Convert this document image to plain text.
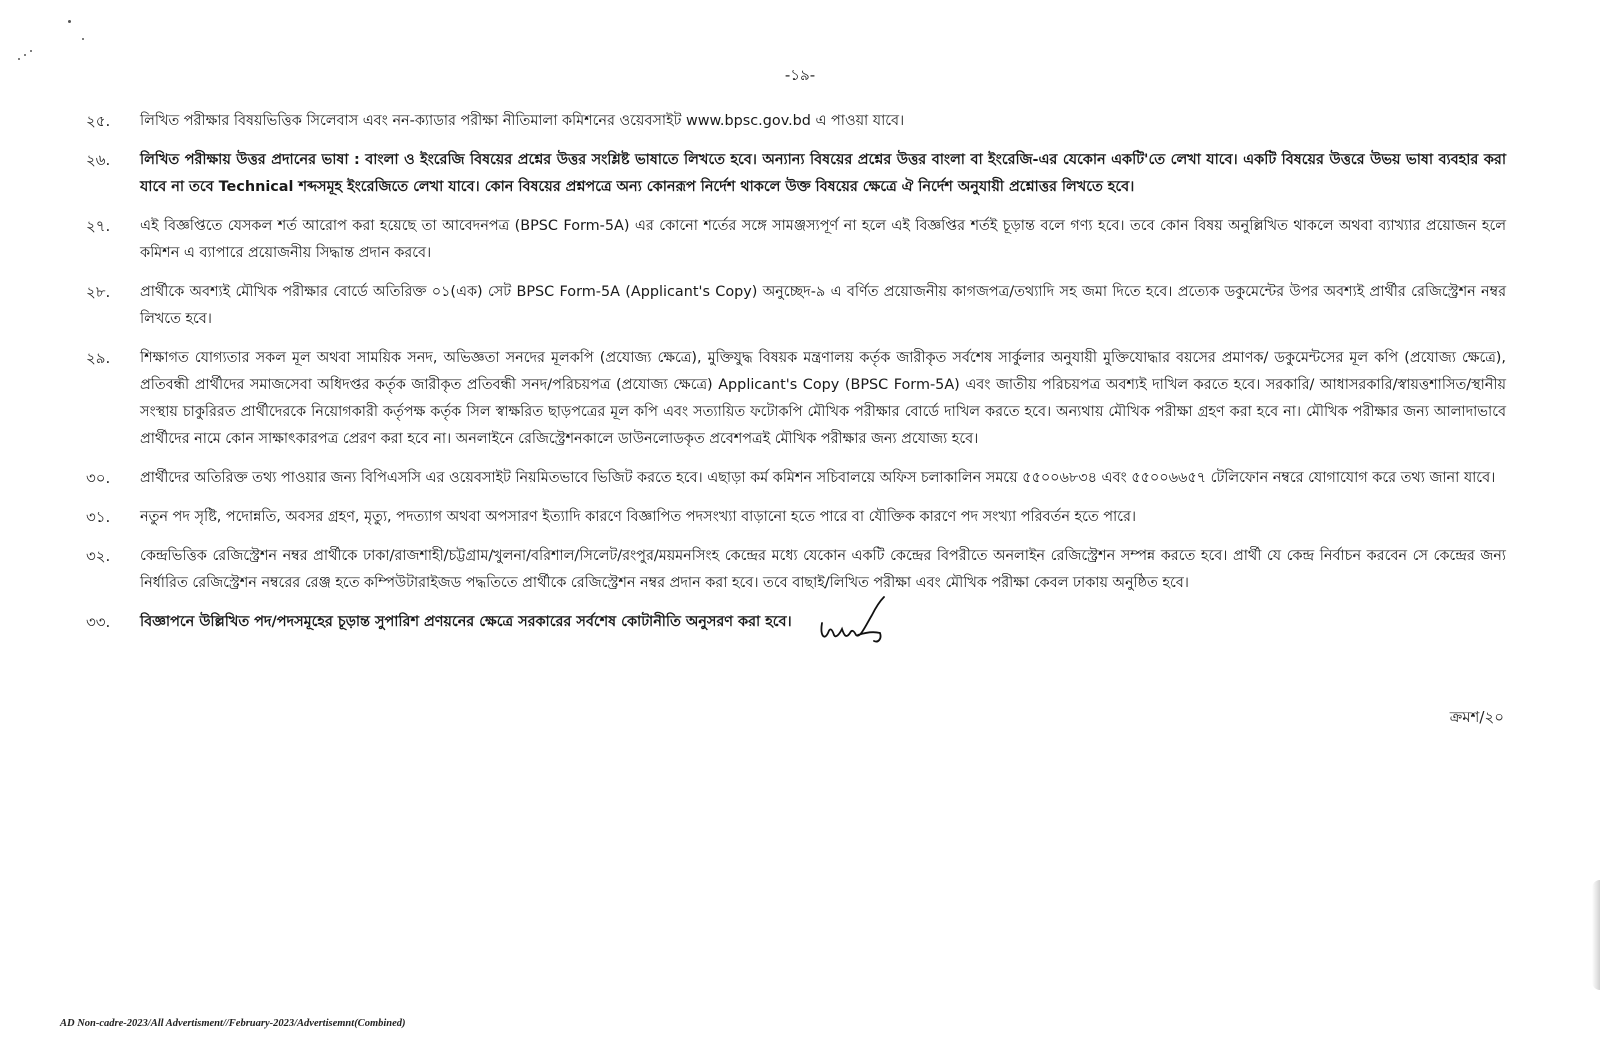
-১৯-
২৫.	লিখিত পরীক্ষার বিষয়ভিত্তিক সিলেবাস এবং নন-ক্যাডার পরীক্ষা নীতিমালা কমিশনের ওয়েবসাইট www.bpsc.gov.bd এ পাওয়া যাবে।
২৬.	লিখিত পরীক্ষায় উত্তর প্রদানের ভাষা : বাংলা ও ইংরেজি বিষয়ের প্রশ্নের উত্তর সংশ্লিষ্ট ভাষাতে লিখতে হবে। অন্যান্য বিষয়ের প্রশ্নের উত্তর বাংলা বা ইংরেজি-এর যেকোন একটি'তে লেখা যাবে। একটি বিষয়ের উত্তরে উভয় ভাষা ব্যবহার করা যাবে না তবে Technical শব্দসমূহ ইংরেজিতে লেখা যাবে। কোন বিষয়ের প্রশ্নপত্রে অন্য কোনরূপ নির্দেশ থাকলে উক্ত বিষয়ের ক্ষেত্রে ঐ নির্দেশ অনুযায়ী প্রশ্নোত্তর লিখতে হবে।
২৭.	এই বিজ্ঞপ্তিতে যেসকল শর্ত আরোপ করা হয়েছে তা আবেদনপত্র (BPSC Form-5A) এর কোনো শর্তের সঙ্গে সামঞ্জস্যপূর্ণ না হলে এই বিজ্ঞপ্তির শর্তই চূড়ান্ত বলে গণ্য হবে। তবে কোন বিষয় অনুল্লিখিত থাকলে অথবা ব্যাখ্যার প্রয়োজন হলে কমিশন এ ব্যাপারে প্রয়োজনীয় সিদ্ধান্ত প্রদান করবে।
২৮.	প্রার্থীকে অবশ্যই মৌখিক পরীক্ষার বোর্ডে অতিরিক্ত ০১(এক) সেট BPSC Form-5A (Applicant's Copy) অনুচ্ছেদ-৯ এ বর্ণিত প্রয়োজনীয় কাগজপত্র/তথ্যাদি সহ জমা দিতে হবে। প্রত্যেক ডকুমেন্টের উপর অবশ্যই প্রার্থীর রেজিস্ট্রেশন নম্বর লিখতে হবে।
২৯.	শিক্ষাগত যোগ্যতার সকল মূল অথবা সাময়িক সনদ, অভিজ্ঞতা সনদের মূলকপি (প্রযোজ্য ক্ষেত্রে), মুক্তিযুদ্ধ বিষয়ক মন্ত্রণালয় কর্তৃক জারীকৃত সর্বশেষ সার্কুলার অনুযায়ী মুক্তিযোদ্ধার বয়সের প্রমাণক/ ডকুমেন্টসের মূল কপি (প্রযোজ্য ক্ষেত্রে), প্রতিবন্ধী প্রার্থীদের সমাজসেবা অধিদপ্তর কর্তৃক জারীকৃত প্রতিবন্ধী সনদ/পরিচয়পত্র (প্রযোজ্য ক্ষেত্রে) Applicant's Copy (BPSC Form-5A) এবং জাতীয় পরিচয়পত্র অবশ্যই দাখিল করতে হবে। সরকারি/ আধাসরকারি/স্বায়ত্তশাসিত/স্থানীয় সংস্থায় চাকুরিরত প্রার্থীদেরকে নিয়োগকারী কর্তৃপক্ষ কর্তৃক সিল স্বাক্ষরিত ছাড়পত্রের মূল কপি এবং সত্যায়িত ফটোকপি মৌখিক পরীক্ষার বোর্ডে দাখিল করতে হবে। অন্যথায় মৌখিক পরীক্ষা গ্রহণ করা হবে না। মৌখিক পরীক্ষার জন্য আলাদাভাবে প্রার্থীদের নামে কোন সাক্ষাৎকারপত্র প্রেরণ করা হবে না। অনলাইনে রেজিস্ট্রেশনকালে ডাউনলোডকৃত প্রবেশপত্রই মৌখিক পরীক্ষার জন্য প্রযোজ্য হবে।
৩০.	প্রার্থীদের অতিরিক্ত তথ্য পাওয়ার জন্য বিপিএসসি এর ওয়েবসাইট নিয়মিতভাবে ভিজিট করতে হবে। এছাড়া কর্ম কমিশন সচিবালয়ে অফিস চলাকালিন সময়ে ৫৫০০৬৮৩৪ এবং ৫৫০০৬৬৫৭ টেলিফোন নম্বরে যোগাযোগ করে তথ্য জানা যাবে।
৩১.	নতুন পদ সৃষ্টি, পদোন্নতি, অবসর গ্রহণ, মৃত্যু, পদত্যাগ অথবা অপসারণ ইত্যাদি কারণে বিজ্ঞাপিত পদসংখ্যা বাড়ানো হতে পারে বা যৌক্তিক কারণে পদ সংখ্যা পরিবর্তন হতে পারে।
৩২.	কেন্দ্রভিত্তিক রেজিস্ট্রেশন নম্বর প্রার্থীকে ঢাকা/রাজশাহী/চট্টগ্রাম/খুলনা/বরিশাল/সিলেট/রংপুর/ময়মনসিংহ কেন্দ্রের মধ্যে যেকোন একটি কেন্দ্রের বিপরীতে অনলাইন রেজিস্ট্রেশন সম্পন্ন করতে হবে। প্রার্থী যে কেন্দ্র নির্বাচন করবেন সে কেন্দ্রের জন্য নির্ধারিত রেজিস্ট্রেশন নম্বরের রেঞ্জ হতে কম্পিউটারাইজড পদ্ধতিতে প্রার্থীকে রেজিস্ট্রেশন নম্বর প্রদান করা হবে। তবে বাছাই/লিখিত পরীক্ষা এবং মৌখিক পরীক্ষা কেবল ঢাকায় অনুষ্ঠিত হবে।
৩৩.	বিজ্ঞাপনে উল্লিখিত পদ/পদসমূহের চূড়ান্ত সুপারিশ প্রণয়নের ক্ষেত্রে সরকারের সর্বশেষ কোটানীতি অনুসরণ করা হবে।
ক্রমশ/২০
AD Non-cadre-2023/All Advertisment//February-2023/Advertisemnt(Combined)
